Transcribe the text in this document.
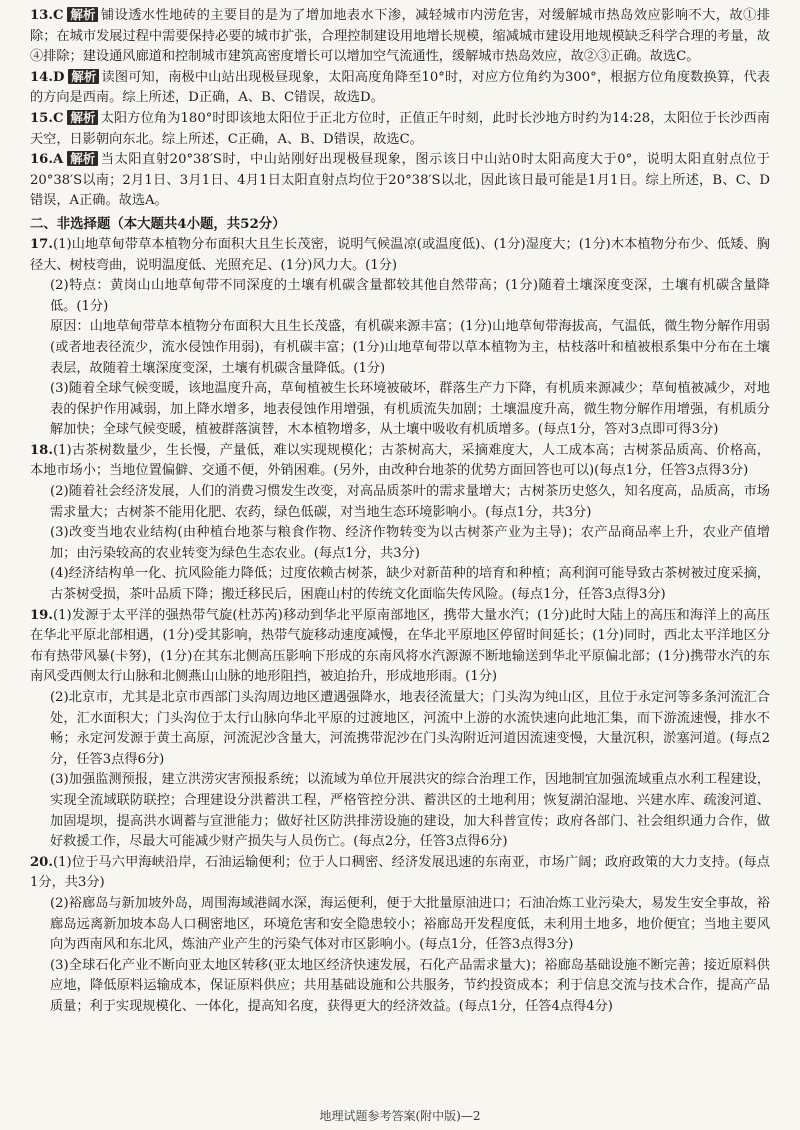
13.C 解析 铺设透水性地砖的主要目的是为了增加地表水下渗，减轻城市内涝危害，对缓解城市热岛效应影响不大，故①排除；在城市发展过程中需要保持必要的城市扩张，合理控制建设用地增长规模，缩减城市建设用地规模缺乏科学合理的考量，故④排除；建设通风廊道和控制城市建筑高密度增长可以增加空气流通性，缓解城市热岛效应，故②③正确。故选C。

14.D 解析 读图可知，南极中山站出现极昼现象，太阳高度角降至10°时，对应方位角约为300°，根据方位角度数换算，代表的方向是西南。综上所述，D正确，A、B、C错误，故选D。

15.C 解析 太阳方位角为180°时即该地太阳位于正北方位时，正值正午时刻，此时长沙地方时约为14:28，太阳位于长沙西南天空，日影朝向东北。综上所述，C正确，A、B、D错误，故选C。

16.A 解析 当太阳直射20°38′S时，中山站刚好出现极昼现象，图示该日中山站0时太阳高度大于0°，说明太阳直射点位于20°38′S以南；2月1日、3月1日、4月1日太阳直射点均位于20°38′S以北，因此该日最可能是1月1日。综上所述，B、C、D错误，A正确。故选A。

二、非选择题（本大题共4小题，共52分）

17.(1)山地草甸带草本植物分布面积大且生长茂密，说明气候温凉(或温度低)、(1分)湿度大；(1分)木本植物分布少、低矮、胸径大、树枝弯曲，说明温度低、光照充足、(1分)风力大。(1分)

(2)特点：黄岗山山地草甸带不同深度的土壤有机碳含量都较其他自然带高；(1分)随着土壤深度变深，土壤有机碳含量降低。(1分)

原因：山地草甸带草本植物分布面积大且生长茂盛，有机碳来源丰富；(1分)山地草甸带海拔高，气温低，微生物分解作用弱(或者地表径流少，流水侵蚀作用弱)，有机碳丰富；(1分)山地草甸带以草本植物为主，枯枝落叶和植被根系集中分布在土壤表层，故随着土壤深度变深，土壤有机碳含量降低。(1分)

(3)随着全球气候变暖，该地温度升高，草甸植被生长环境被破坏，群落生产力下降，有机质来源减少；草甸植被减少，对地表的保护作用减弱，加上降水增多，地表侵蚀作用增强，有机质流失加剧；土壤温度升高，微生物分解作用增强，有机质分解加快；全球气候变暖，植被群落演替，木本植物增多，从土壤中吸收有机质增多。(每点1分，答对3点即可得3分)

18.(1)古茶树数量少，生长慢，产量低，难以实现规模化；古茶树高大，采摘难度大，人工成本高；古树茶品质高、价格高，本地市场小；当地位置偏僻、交通不便，外销困难。(另外，由改种台地茶的优势方面回答也可以)(每点1分，任答3点得3分)

(2)随着社会经济发展，人们的消费习惯发生改变，对高品质茶叶的需求量增大；古树茶历史悠久，知名度高，品质高，市场需求量大；古树茶不能用化肥、农药，绿色低碳，对当地生态环境影响小。(每点1分，共3分)

(3)改变当地农业结构(由种植台地茶与粮食作物、经济作物转变为以古树茶产业为主导)；农产品商品率上升，农业产值增加；由污染较高的农业转变为绿色生态农业。(每点1分，共3分)

(4)经济结构单一化、抗风险能力降低；过度依赖古树茶，缺少对新苗种的培育和种植；高利润可能导致古茶树被过度采摘，古茶树受损，茶叶品质下降；搬迁移民后，困鹿山村的传统文化面临失传风险。(每点1分，任答3点得3分)

19.(1)发源于太平洋的强热带气旋(杜苏芮)移动到华北平原南部地区，携带大量水汽；(1分)此时大陆上的高压和海洋上的高压在华北平原北部相遇，(1分)受其影响，热带气旋移动速度减慢，在华北平原地区停留时间延长；(1分)同时，西北太平洋地区分布有热带风暴(卡努)，(1分)在其东北侧高压影响下形成的东南风将水汽源源不断地输送到华北平原偏北部；(1分)携带水汽的东南风受西侧太行山脉和北侧燕山山脉的地形阻挡，被迫抬升，形成地形雨。(1分)

(2)北京市，尤其是北京市西部门头沟周边地区遭遇强降水，地表径流量大；门头沟为纯山区，且位于永定河等多条河流汇合处，汇水面积大；门头沟位于太行山脉向华北平原的过渡地区，河流中上游的水流快速向此地汇集，而下游流速慢，排水不畅；永定河发源于黄土高原，河流泥沙含量大，河流携带泥沙在门头沟附近河道因流速变慢，大量沉积，淤塞河道。(每点2分，任答3点得6分)

(3)加强监测预报，建立洪涝灾害预报系统；以流域为单位开展洪灾的综合治理工作，因地制宜加强流域重点水利工程建设，实现全流域联防联控；合理建设分洪蓄洪工程，严格管控分洪、蓄洪区的土地利用；恢复湖泊湿地、兴建水库、疏浚河道、加固堤坝，提高洪水调蓄与宣泄能力；做好社区防洪排涝设施的建设，加大科普宣传；政府各部门、社会组织通力合作，做好救援工作，尽最大可能减少财产损失与人员伤亡。(每点2分，任答3点得6分)

20.(1)位于马六甲海峡沿岸，石油运输便利；位于人口稠密、经济发展迅速的东南亚，市场广阔；政府政策的大力支持。(每点1分，共3分)

(2)裕廊岛与新加坡外岛，周围海域港阔水深，海运便利，便于大批量原油进口；石油冶炼工业污染大，易发生安全事故，裕廊岛远离新加坡本岛人口稠密地区，环境危害和安全隐患较小；裕廊岛开发程度低，未利用土地多，地价便宜；当地主要风向为西南风和东北风，炼油产业产生的污染气体对市区影响小。(每点1分，任答3点得3分)

(3)全球石化产业不断向亚太地区转移(亚太地区经济快速发展，石化产品需求量大)；裕廊岛基础设施不断完善；接近原料供应地，降低原料运输成本，保证原料供应；共用基础设施和公共服务，节约投资成本；利于信息交流与技术合作，提高产品质量；利于实现规模化、一体化，提高知名度，获得更大的经济效益。(每点1分，任答4点得4分)

地理试题参考答案(附中版)—2
